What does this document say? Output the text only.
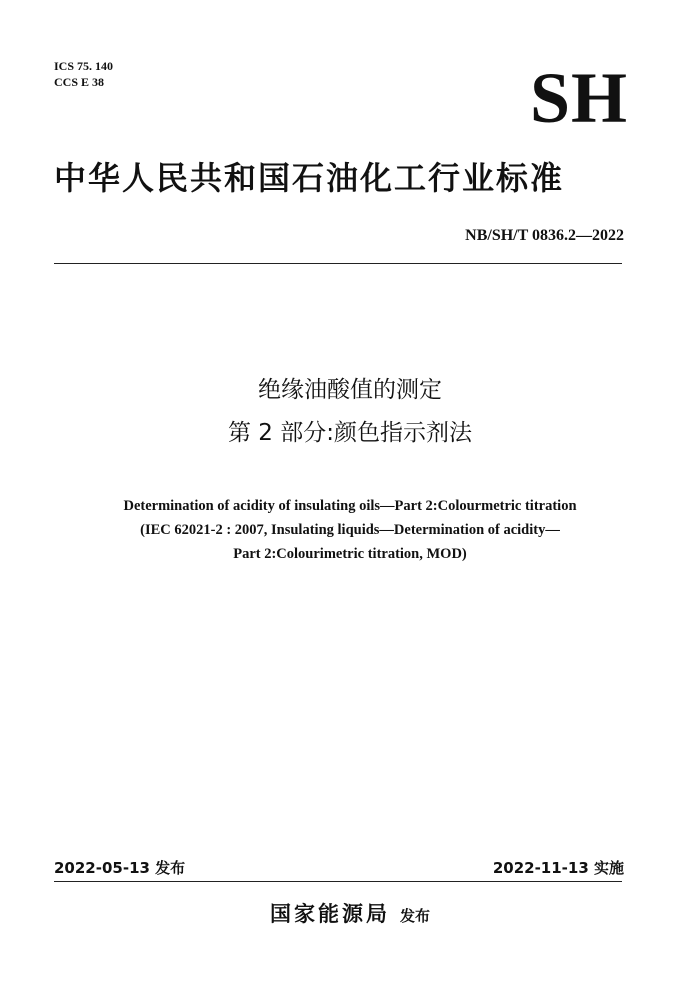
ICS 75. 140
CCS E 38	SH
中华人民共和国石油化工行业标准
NB/SH/T 0836.2—2022
绝缘油酸值的测定
第 2 部分:颜色指示剂法
Determination of acidity of insulating oils—Part 2:Colourmetric titration
(IEC 62021-2 : 2007, Insulating liquids—Determination of acidity—
Part 2:Colourimetric titration, MOD)
2022-05-13 发布	2022-11-13 实施
国家能源局 发布
